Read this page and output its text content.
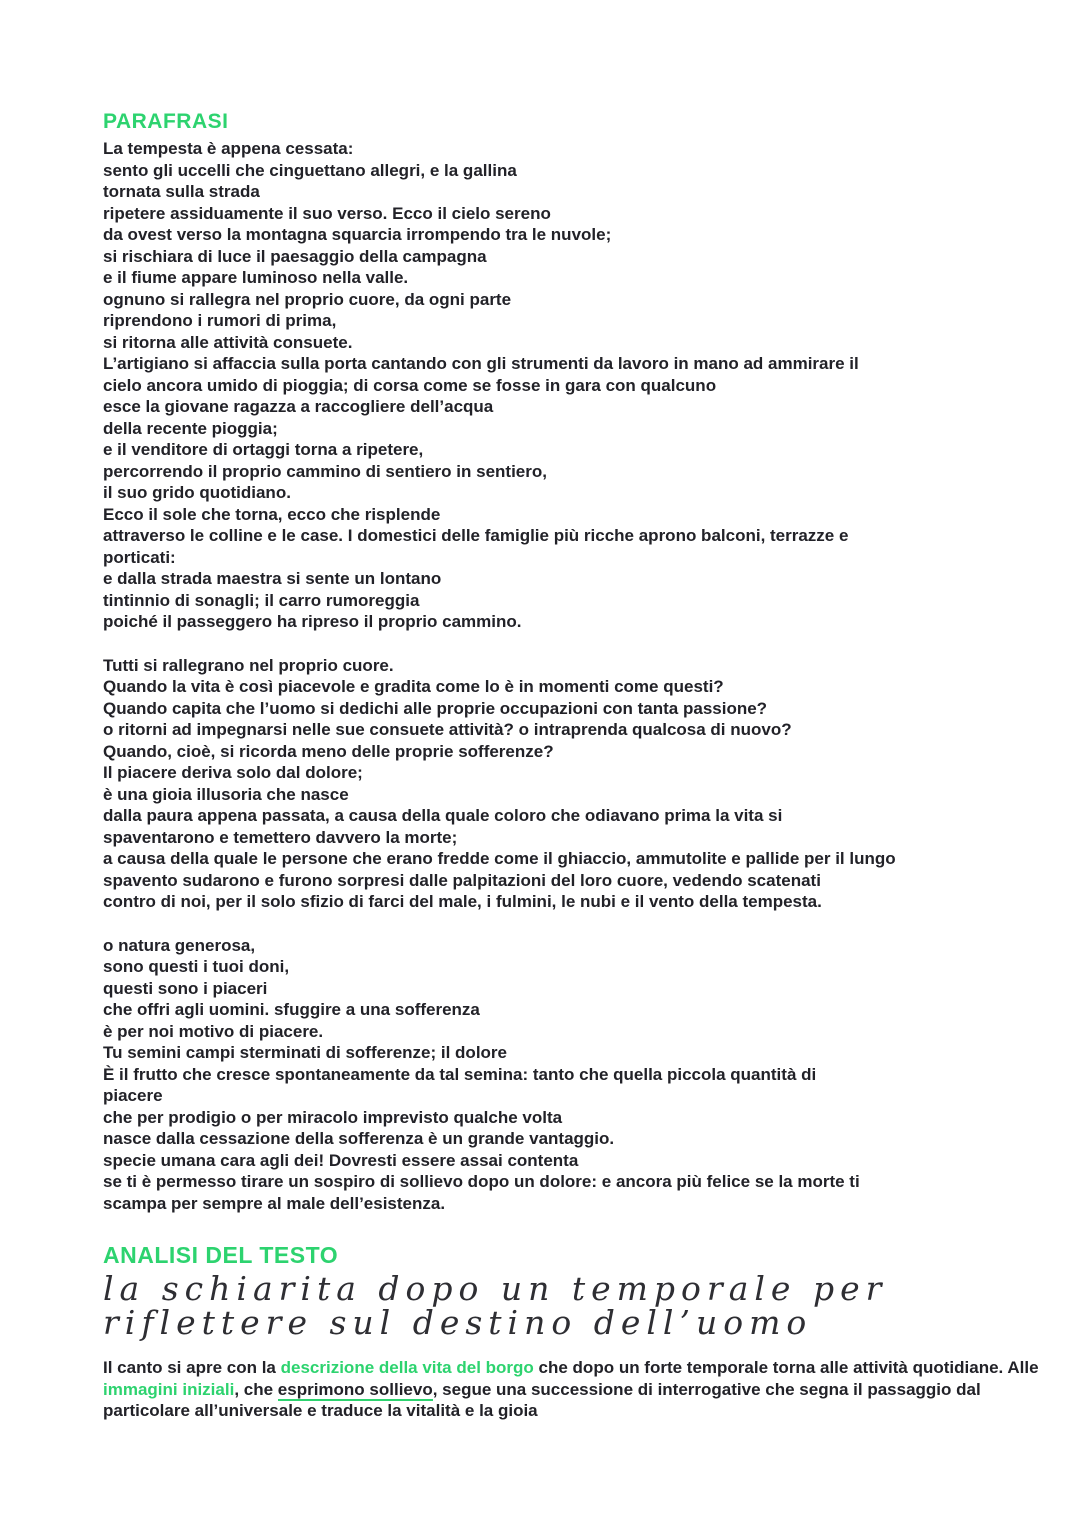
PARAFRASI
La tempesta è appena cessata:
sento gli uccelli che cinguettano allegri, e la gallina
tornata sulla strada
ripetere assiduamente il suo verso. Ecco il cielo sereno
da ovest verso la montagna squarcia irrompendo tra le nuvole;
si rischiara di luce il paesaggio della campagna
e il fiume appare luminoso nella valle.
ognuno si rallegra nel proprio cuore, da ogni parte
riprendono i rumori di prima,
si ritorna alle attività consuete.
L’artigiano si affaccia sulla porta cantando con gli strumenti da lavoro in mano ad ammirare il
cielo ancora umido di pioggia; di corsa come se fosse in gara con qualcuno
esce la giovane ragazza a raccogliere dell’acqua
della recente pioggia;
e il venditore di ortaggi torna a ripetere,
percorrendo il proprio cammino di sentiero in sentiero,
il suo grido quotidiano.
Ecco il sole che torna, ecco che risplende
attraverso le colline e le case. I domestici delle famiglie più ricche aprono balconi, terrazze e
porticati:
e dalla strada maestra si sente un lontano
tintinnio di sonagli; il carro rumoreggia
poiché il passeggero ha ripreso il proprio cammino.
Tutti si rallegrano nel proprio cuore.
Quando la vita è così piacevole e gradita come lo è in momenti come questi?
Quando capita che l’uomo si dedichi alle proprie occupazioni con tanta passione?
o ritorni ad impegnarsi nelle sue consuete attività? o intraprenda qualcosa di nuovo?
Quando, cioè, si ricorda meno delle proprie sofferenze?
Il piacere deriva solo dal dolore;
è una gioia illusoria che nasce
dalla paura appena passata, a causa della quale coloro che odiavano prima la vita si
spaventarono e temettero davvero la morte;
a causa della quale le persone che erano fredde come il ghiaccio, ammutolite e pallide per il lungo
spavento sudarono e furono sorpresi dalle palpitazioni del loro cuore, vedendo scatenati
contro di noi, per il solo sfizio di farci del male, i fulmini, le nubi e il vento della tempesta.
o natura generosa,
sono questi i tuoi doni,
questi sono i piaceri
che offri agli uomini. sfuggire a una sofferenza
è per noi motivo di piacere.
Tu semini campi sterminati di sofferenze; il dolore
È il frutto che cresce spontaneamente da tal semina: tanto che quella piccola quantità di
piacere
che per prodigio o per miracolo imprevisto qualche volta
nasce dalla cessazione della sofferenza è un grande vantaggio.
specie umana cara agli dei! Dovresti essere assai contenta
se ti è permesso tirare un sospiro di sollievo dopo un dolore: e ancora più felice se la morte ti
scampa per sempre al male dell’esistenza.
ANALISI DEL TESTO
la schiarita dopo un temporale per
riflettere sul destino dell’uomo

Il canto si apre con la descrizione della vita del borgo che dopo un forte temporale torna alle attività quotidiane. Alle immagini iniziali, che esprimono sollievo, segue una successione di interrogative che segna il passaggio dal particolare all’universale e traduce la vitalità e la gioia
